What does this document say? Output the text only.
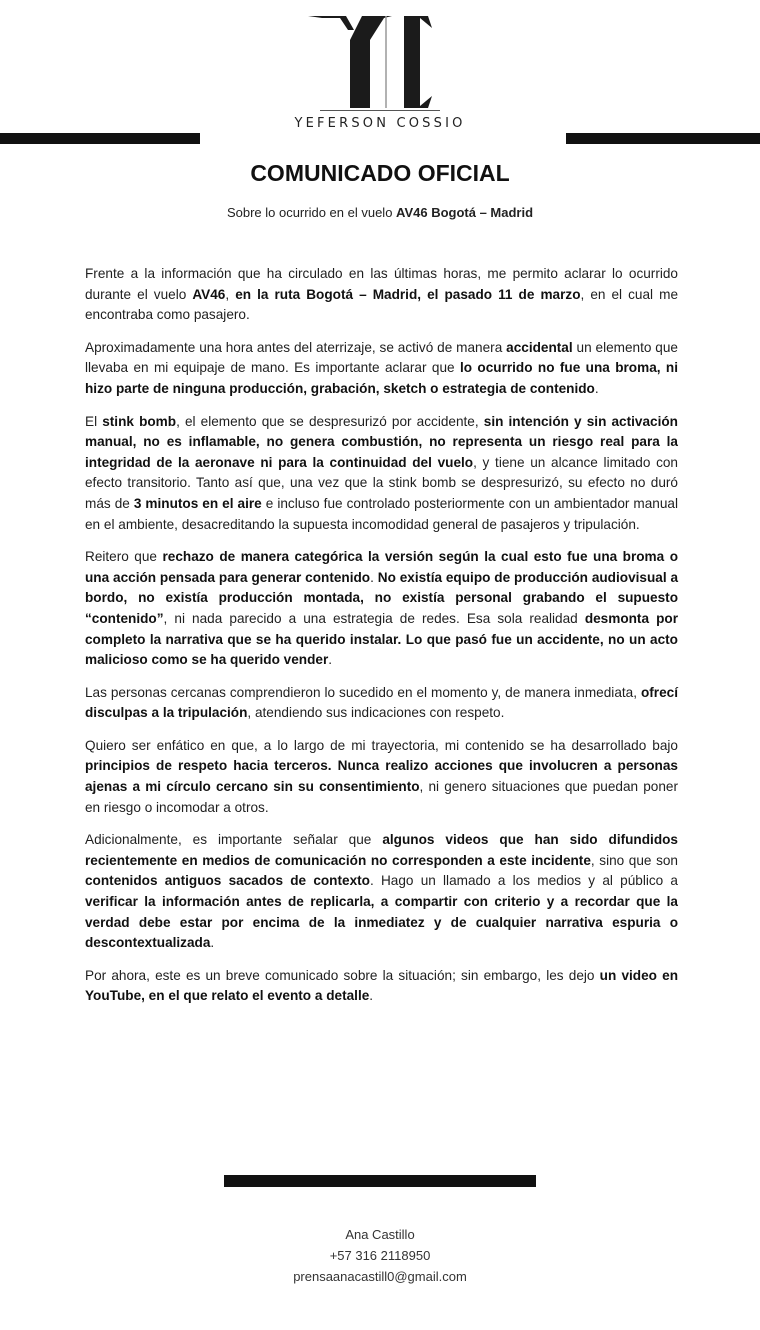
YEFERSON COSSIO
COMUNICADO OFICIAL
Sobre lo ocurrido en el vuelo AV46 Bogotá – Madrid

Frente a la información que ha circulado en las últimas horas, me permito aclarar lo ocurrido durante el vuelo AV46, en la ruta Bogotá – Madrid, el pasado 11 de marzo, en el cual me encontraba como pasajero.

Aproximadamente una hora antes del aterrizaje, se activó de manera accidental un elemento que llevaba en mi equipaje de mano. Es importante aclarar que lo ocurrido no fue una broma, ni hizo parte de ninguna producción, grabación, sketch o estrategia de contenido.

El stink bomb, el elemento que se despresurizó por accidente, sin intención y sin activación manual, no es inflamable, no genera combustión, no representa un riesgo real para la integridad de la aeronave ni para la continuidad del vuelo, y tiene un alcance limitado con efecto transitorio. Tanto así que, una vez que la stink bomb se despresurizó, su efecto no duró más de 3 minutos en el aire e incluso fue controlado posteriormente con un ambientador manual en el ambiente, desacreditando la supuesta incomodidad general de pasajeros y tripulación.

Reitero que rechazo de manera categórica la versión según la cual esto fue una broma o una acción pensada para generar contenido. No existía equipo de producción audiovisual a bordo, no existía producción montada, no existía personal grabando el supuesto “contenido”, ni nada parecido a una estrategia de redes. Esa sola realidad desmonta por completo la narrativa que se ha querido instalar. Lo que pasó fue un accidente, no un acto malicioso como se ha querido vender.

Las personas cercanas comprendieron lo sucedido en el momento y, de manera inmediata, ofrecí disculpas a la tripulación, atendiendo sus indicaciones con respeto.

Quiero ser enfático en que, a lo largo de mi trayectoria, mi contenido se ha desarrollado bajo principios de respeto hacia terceros. Nunca realizo acciones que involucren a personas ajenas a mi círculo cercano sin su consentimiento, ni genero situaciones que puedan poner en riesgo o incomodar a otros.

Adicionalmente, es importante señalar que algunos videos que han sido difundidos recientemente en medios de comunicación no corresponden a este incidente, sino que son contenidos antiguos sacados de contexto. Hago un llamado a los medios y al público a verificar la información antes de replicarla, a compartir con criterio y a recordar que la verdad debe estar por encima de la inmediatez y de cualquier narrativa espuria o descontextualizada.

Por ahora, este es un breve comunicado sobre la situación; sin embargo, les dejo un video en YouTube, en el que relato el evento a detalle.

Ana Castillo
+57 316 2118950
prensaanacastill0@gmail.com
